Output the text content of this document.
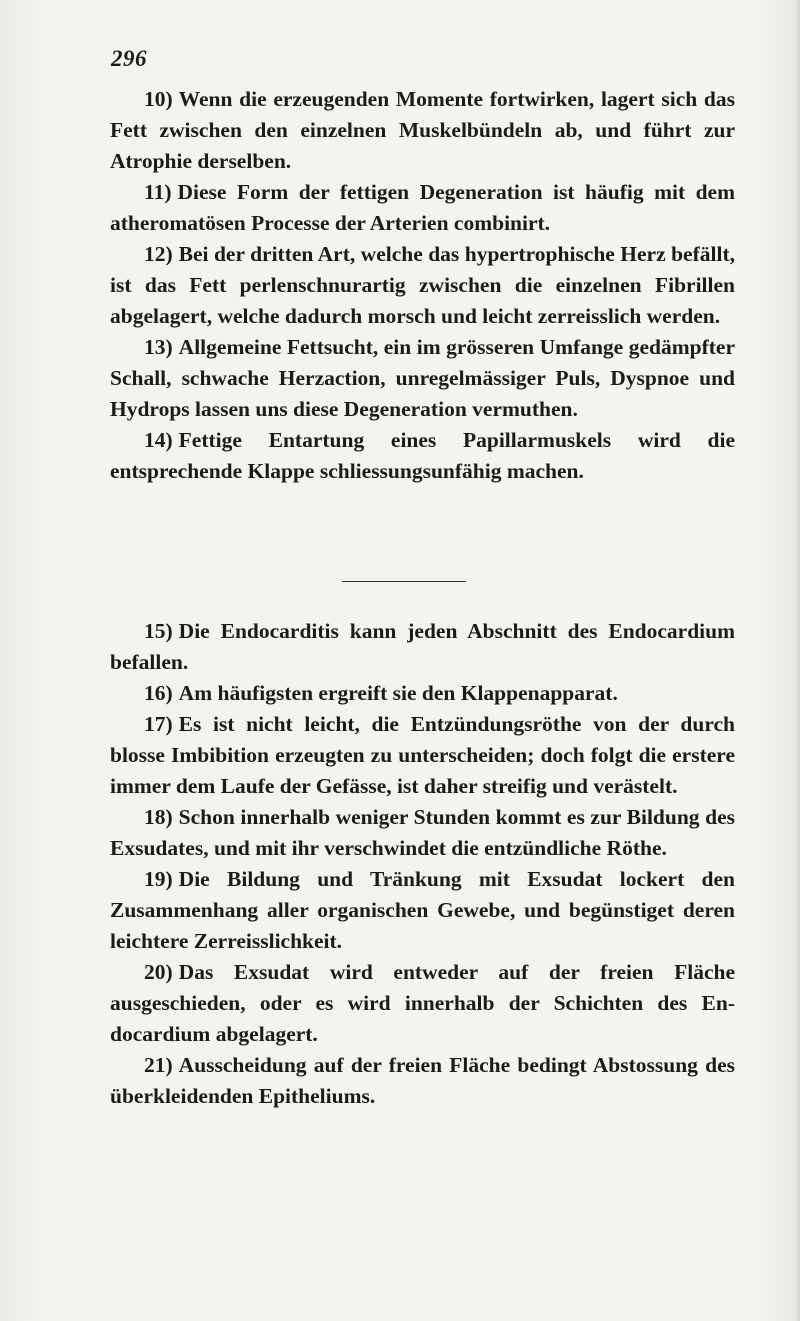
296

10) Wenn die erzeugenden Momente fortwirken, lagert sich das Fett zwischen den einzelnen Muskelbündeln ab, und führt zur Atrophie derselben.

11) Diese Form der fettigen Degeneration ist häufig mit dem atheromatösen Processe der Arterien combinirt.

12) Bei der dritten Art, welche das hypertrophische Herz befällt, ist das Fett perlenschnurartig zwischen die einzelnen Fibrillen abgelagert, welche dadurch morsch und leicht zerreisslich werden.

13) Allgemeine Fettsucht, ein im grösseren Umfange gedämpfter Schall, schwache Herzaction, unregelmässiger Puls, Dyspnoe und Hydrops lassen uns diese Degeneration vermuthen.

14) Fettige Entartung eines Papillarmuskels wird die entsprechende Klappe schliessungsunfähig machen.

15) Die Endocarditis kann jeden Abschnitt des Endocardium befallen.

16) Am häufigsten ergreift sie den Klappenapparat.

17) Es ist nicht leicht, die Entzündungsröthe von der durch blosse Imbibition erzeugten zu unterscheiden; doch folgt die erstere immer dem Laufe der Gefässe, ist daher streifig und verästelt.

18) Schon innerhalb weniger Stunden kommt es zur Bildung des Exsudates, und mit ihr verschwindet die entzündliche Röthe.

19) Die Bildung und Tränkung mit Exsudat lockert den Zusammenhang aller organischen Gewebe, und begünstiget deren leichtere Zerreisslichkeit.

20) Das Exsudat wird entweder auf der freien Fläche ausgeschieden, oder es wird innerhalb der Schichten des Endocardium abgelagert.

21) Ausscheidung auf der freien Fläche bedingt Abstossung des überkleidenden Epitheliums.
